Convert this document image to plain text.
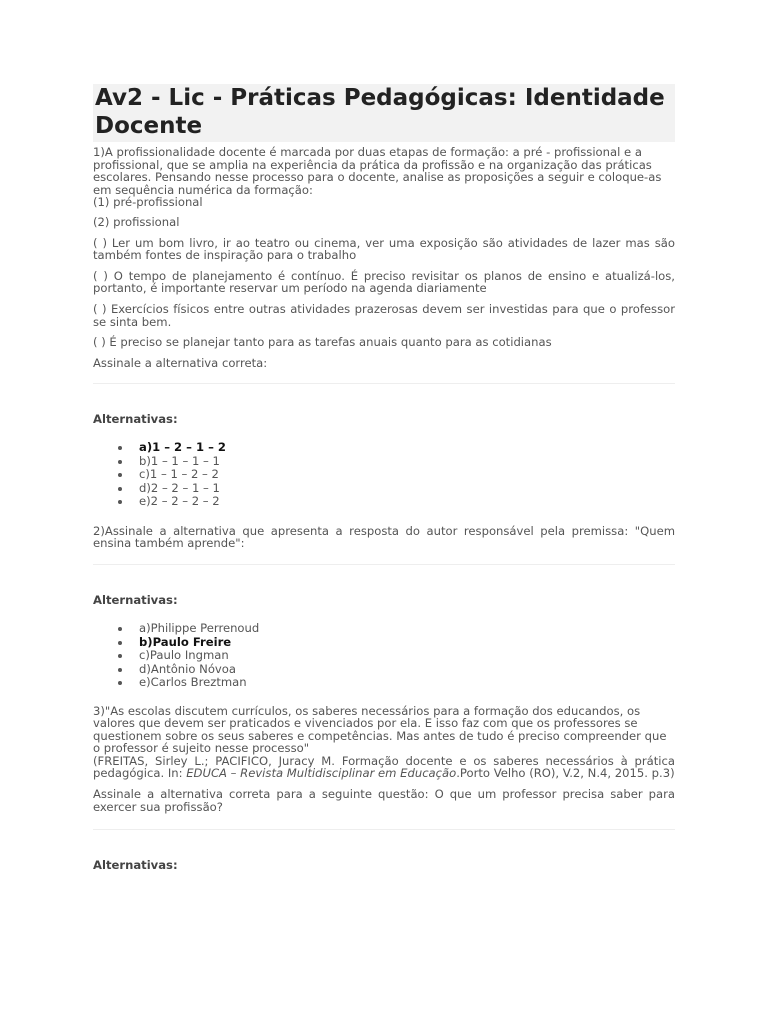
Av2 - Lic - Práticas Pedagógicas: Identidade Docente

1)A profissionalidade docente é marcada por duas etapas de formação: a pré - profissional e a profissional, que se amplia na experiência da prática da profissão e na organização das práticas escolares. Pensando nesse processo para o docente, analise as proposições a seguir e coloque-as em sequência numérica da formação:

(1) pré-profissional

(2) profissional

( ) Ler um bom livro, ir ao teatro ou cinema, ver uma exposição são atividades de lazer mas são também fontes de inspiração para o trabalho

( ) O tempo de planejamento é contínuo. É preciso revisitar os planos de ensino e atualizá-los, portanto, é importante reservar um período na agenda diariamente

( ) Exercícios físicos entre outras atividades prazerosas devem ser investidas para que o professor se sinta bem.

( ) É preciso se planejar tanto para as tarefas anuais quanto para as cotidianas

Assinale a alternativa correta:

Alternativas:
a)1 – 2 – 1 – 2
b)1 – 1 – 1 – 1
c)1 – 1 – 2 – 2
d)2 – 2 – 1 – 1
e)2 – 2 – 2 – 2

2)Assinale a alternativa que apresenta a resposta do autor responsável pela premissa: "Quem ensina também aprende":

Alternativas:
a)Philippe Perrenoud
b)Paulo Freire
c)Paulo Ingman
d)Antônio Nóvoa
e)Carlos Breztman

3)"As escolas discutem currículos, os saberes necessários para a formação dos educandos, os valores que devem ser praticados e vivenciados por ela. E isso faz com que os professores se questionem sobre os seus saberes e competências. Mas antes de tudo é preciso compreender que o professor é sujeito nesse processo"

(FREITAS, Sirley L.; PACIFICO, Juracy M. Formação docente e os saberes necessários à prática pedagógica. In: EDUCA – Revista Multidisciplinar em Educação.Porto Velho (RO), V.2, N.4, 2015. p.3)

Assinale a alternativa correta para a seguinte questão: O que um professor precisa saber para exercer sua profissão?

Alternativas:
